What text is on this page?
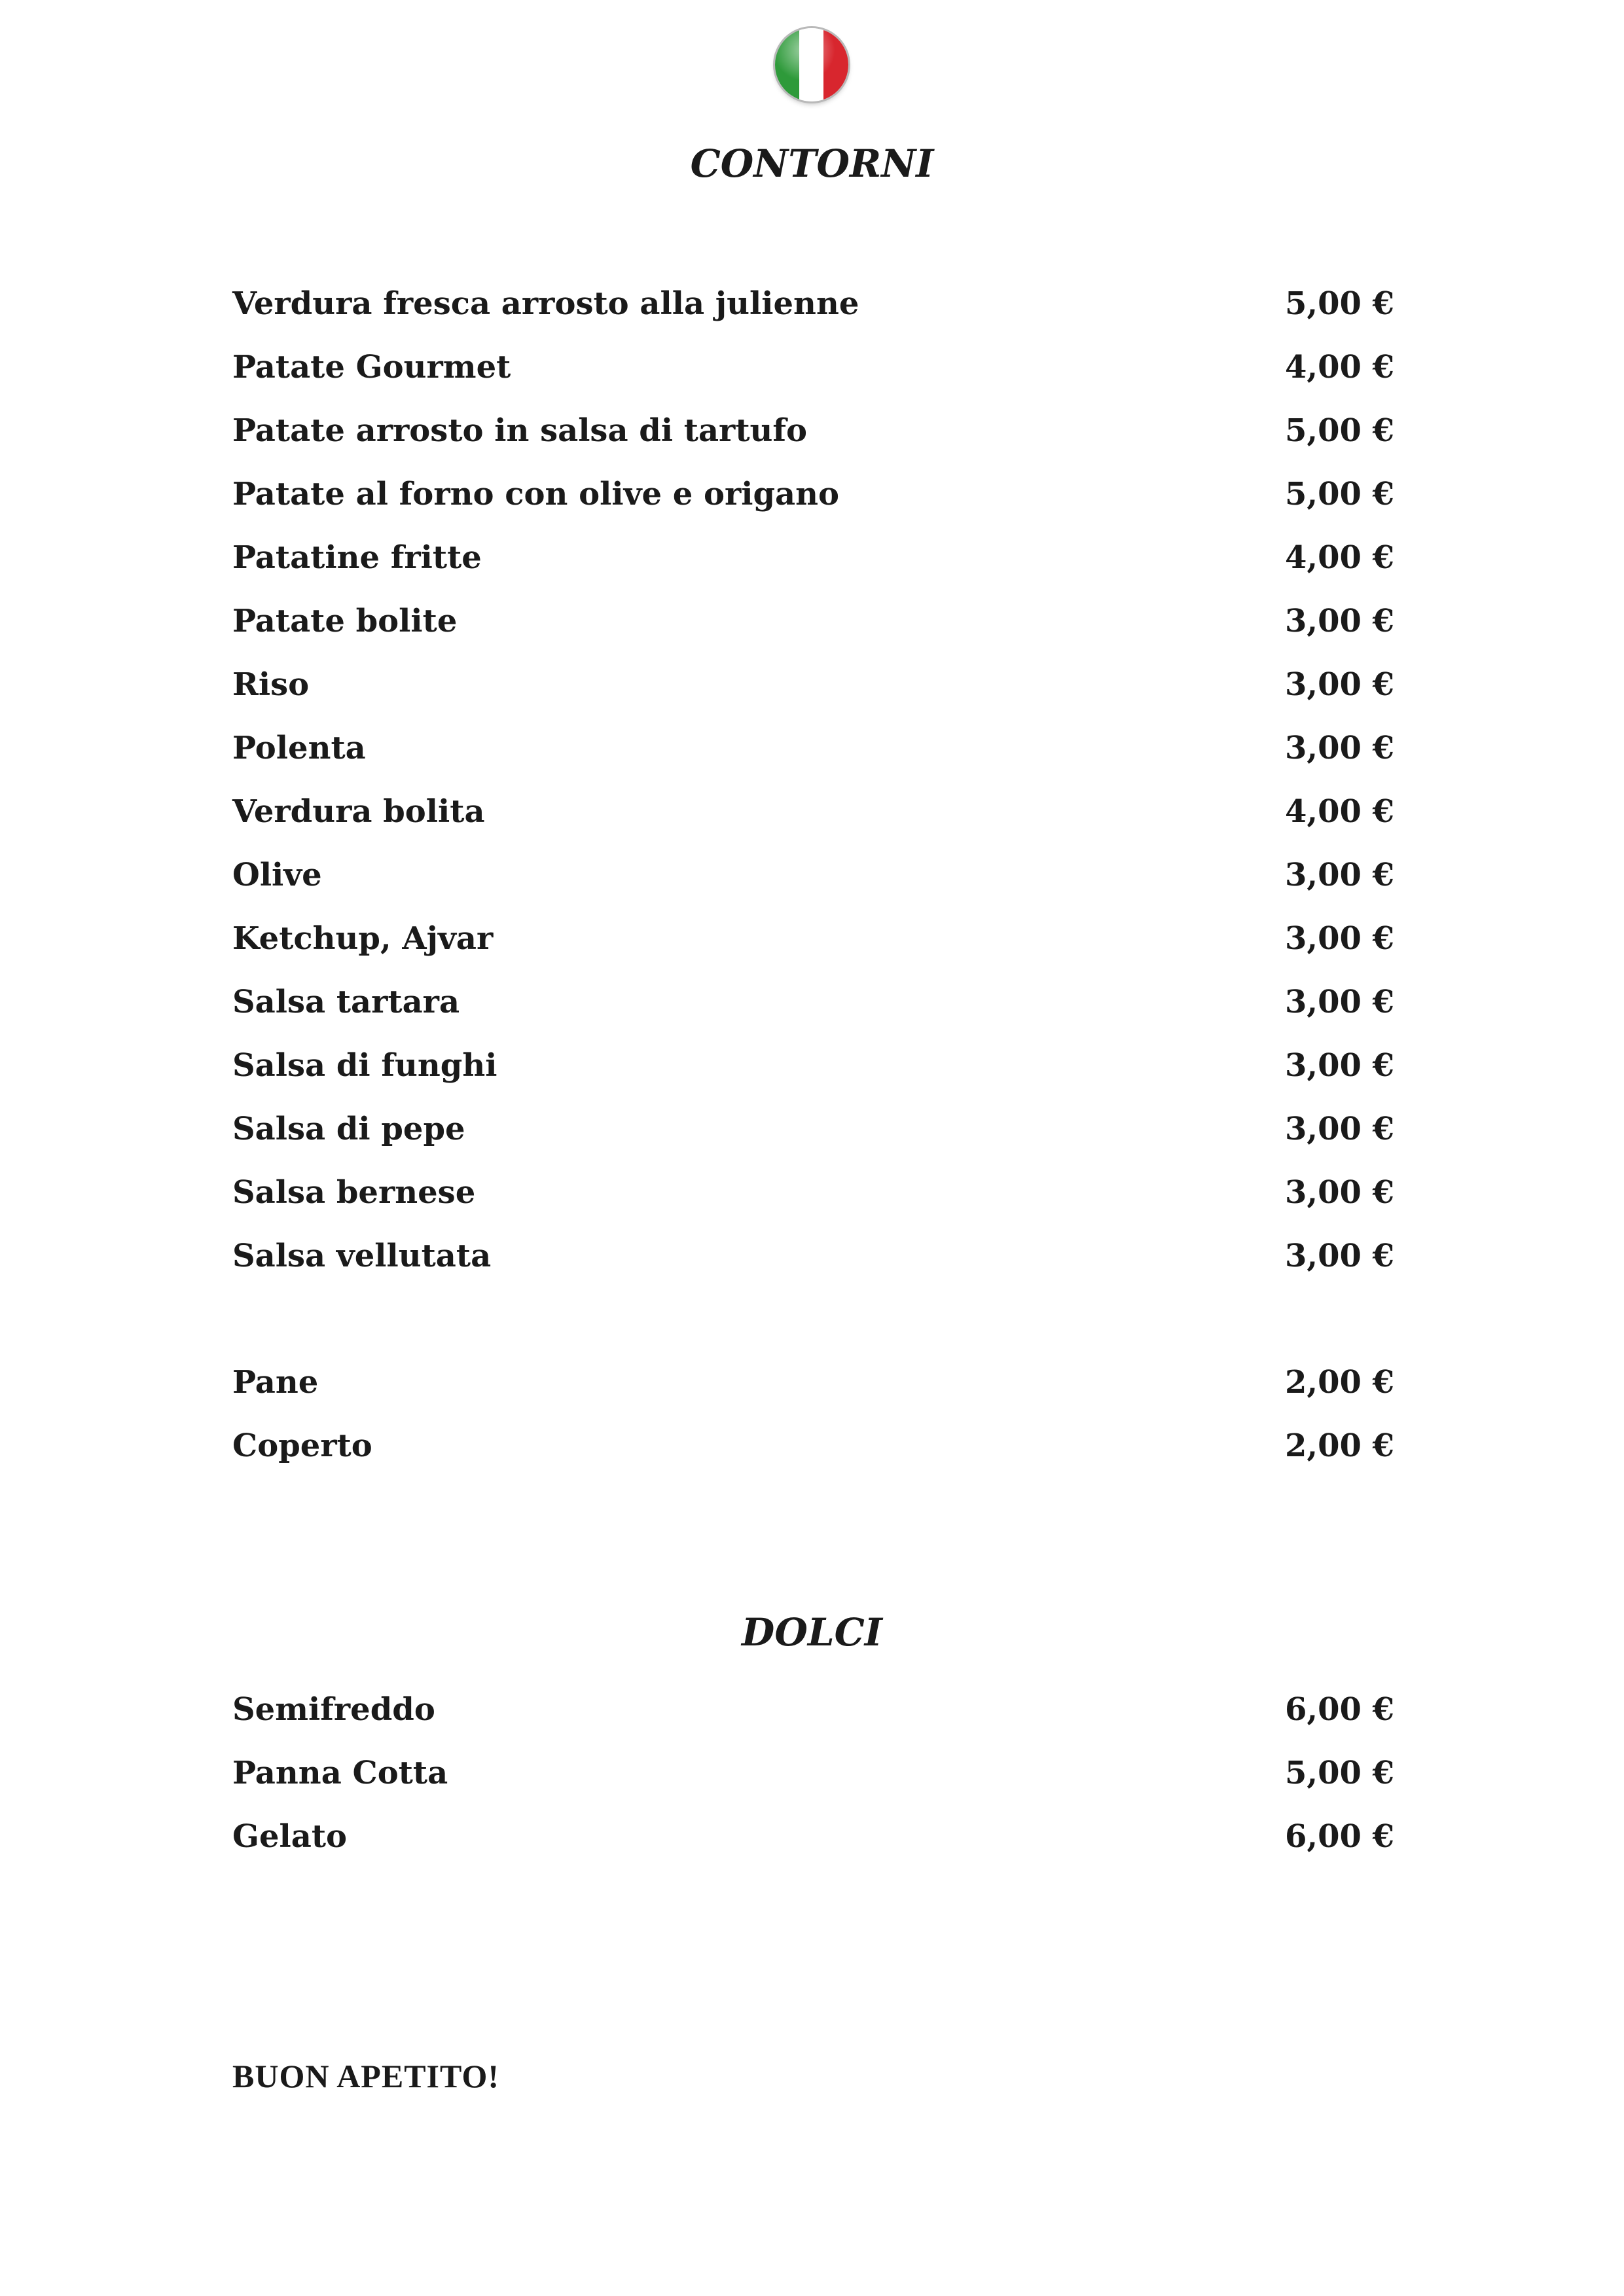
CONTORNI
Verdura fresca arrosto alla julienne	5,00 €
Patate Gourmet	4,00 €
Patate arrosto in salsa di tartufo	5,00 €
Patate al forno con olive e origano	5,00 €
Patatine fritte	4,00 €
Patate bolite	3,00 €
Riso	3,00 €
Polenta	3,00 €
Verdura bolita	4,00 €
Olive	3,00 €
Ketchup, Ajvar	3,00 €
Salsa tartara	3,00 €
Salsa di funghi	3,00 €
Salsa di pepe	3,00 €
Salsa bernese	3,00 €
Salsa vellutata	3,00 €
Pane	2,00 €
Coperto	2,00 €
DOLCI
Semifreddo	6,00 €
Panna Cotta	5,00 €
Gelato	6,00 €
BUON APETITO!
